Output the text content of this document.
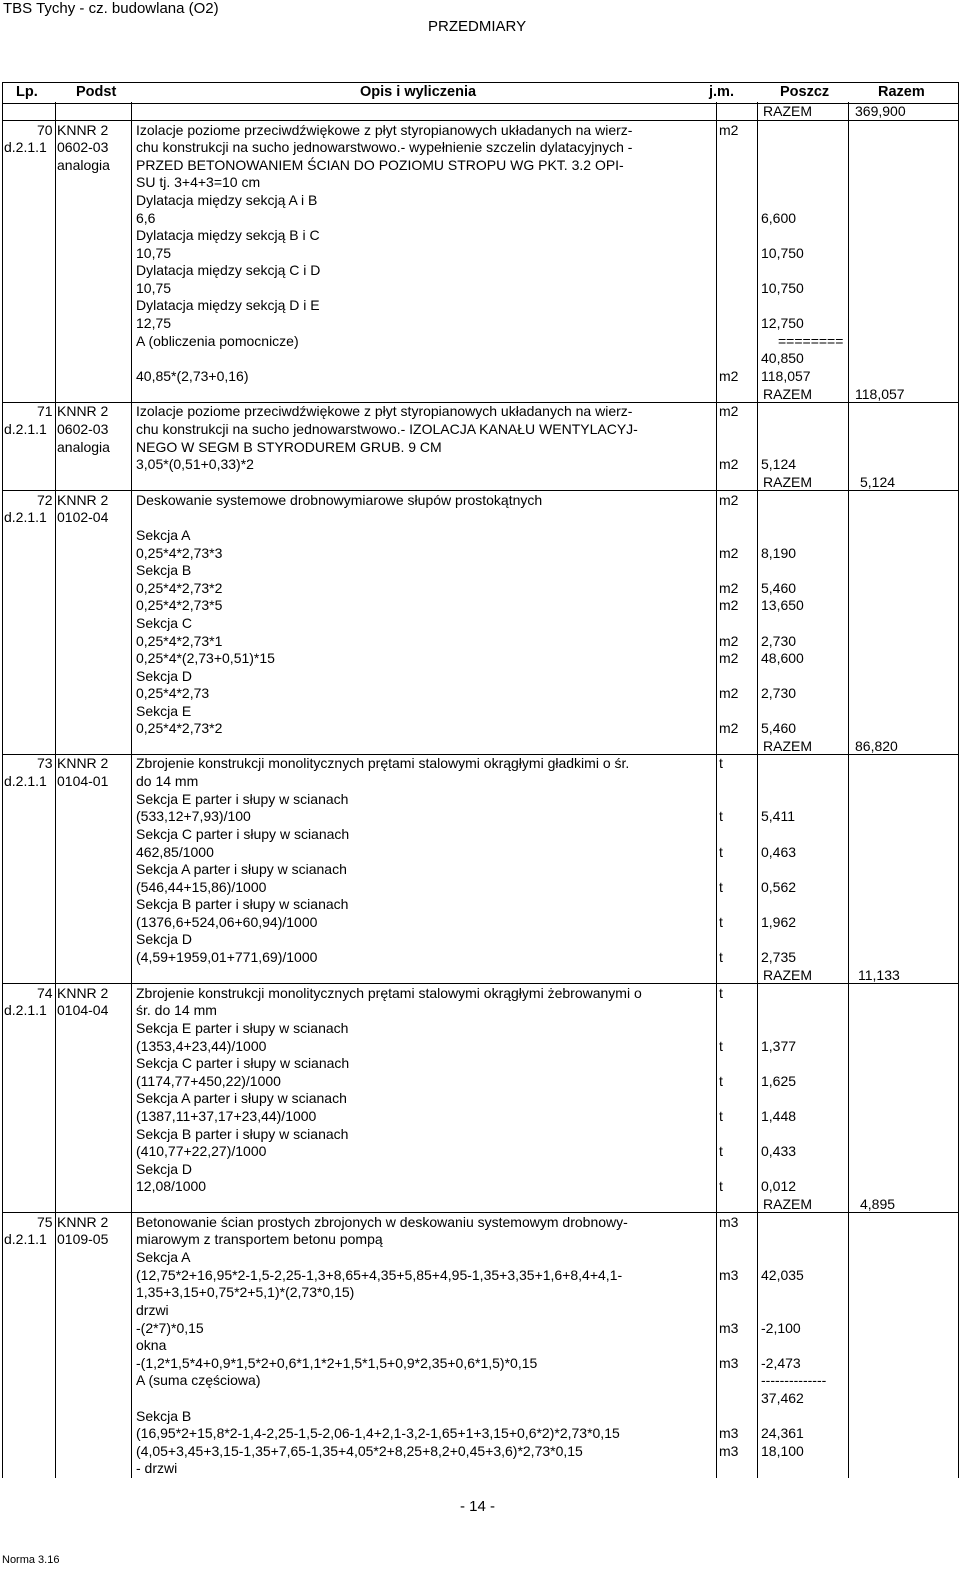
TBS Tychy - cz. budowlana (O2)
PRZEDMIARY
Lp.	Podst	Opis i wyliczenia	j.m.	Poszcz	Razem
RAZEM	369,900
70 KNNR 2
d.2.1.1 0602-03
analogia
Izolacje poziome przeciwdźwiękowe z płyt styropianowych układanych na wierz-
chu konstrukcji na sucho jednowarstwowo.- wypełnienie szczelin dylatacyjnych -
PRZED BETONOWANIEM ŚCIAN DO POZIOMU STROPU WG PKT. 3.2 OPI-
SU tj. 3+4+3=10 cm
m2
Dylatacja między sekcją A i B
6,6	6,600
Dylatacja między sekcją B i C
10,75	10,750
Dylatacja między sekcją C i D
10,75	10,750
Dylatacja między sekcją D i E
12,75	12,750
A (obliczenia pomocnicze)	========
40,850
40,85*(2,73+0,16)	m2 118,057
RAZEM	118,057
71 KNNR 2
d.2.1.1 0602-03
analogia
Izolacje poziome przeciwdźwiękowe z płyt styropianowych układanych na wierz-
chu konstrukcji na sucho jednowarstwowo.- IZOLACJA KANAŁU WENTYLACYJ-
NEGO W SEGM B STYRODUREM GRUB. 9 CM
m2
3,05*(0,51+0,33)*2	m2 5,124
RAZEM	5,124
72 KNNR 2
d.2.1.1 0102-04
Deskowanie systemowe drobnowymiarowe słupów prostokątnych	m2
Sekcja A
0,25*4*2,73*3	m2 8,190
Sekcja B
0,25*4*2,73*2	m2 5,460
0,25*4*2,73*5	m2 13,650
Sekcja C
0,25*4*2,73*1	m2 2,730
0,25*4*(2,73+0,51)*15	m2 48,600
Sekcja D
0,25*4*2,73	m2 2,730
Sekcja E
0,25*4*2,73*2	m2 5,460
RAZEM	86,820
73 KNNR 2
d.2.1.1 0104-01
Zbrojenie konstrukcji monolitycznych prętami stalowymi okrągłymi gładkimi o śr.
do 14 mm
t
Sekcja E parter i słupy w scianach
(533,12+7,93)/100	t	5,411
Sekcja C parter i słupy w scianach
462,85/1000	t	0,463
Sekcja A parter i słupy w scianach
(546,44+15,86)/1000	t	0,562
Sekcja B parter i słupy w scianach
(1376,6+524,06+60,94)/1000	t	1,962
Sekcja D
(4,59+1959,01+771,69)/1000	t	2,735
RAZEM	11,133
74 KNNR 2
d.2.1.1 0104-04
Zbrojenie konstrukcji monolitycznych prętami stalowymi okrągłymi żebrowanymi o
śr. do 14 mm
t
Sekcja E parter i słupy w scianach
(1353,4+23,44)/1000	t	1,377
Sekcja C parter i słupy w scianach
(1174,77+450,22)/1000	t	1,625
Sekcja A parter i słupy w scianach
(1387,11+37,17+23,44)/1000	t	1,448
Sekcja B parter i słupy w scianach
(410,77+22,27)/1000	t	0,433
Sekcja D
12,08/1000	t	0,012
RAZEM	4,895
75 KNNR 2
d.2.1.1 0109-05
Betonowanie ścian prostych zbrojonych w deskowaniu systemowym drobnowy-
miarowym z transportem betonu pompą
m3
Sekcja A
(12,75*2+16,95*2-1,5-2,25-1,3+8,65+4,35+5,85+4,95-1,35+3,35+1,6+8,4+4,1-	m3 42,035
1,35+3,15+0,75*2+5,1)*(2,73*0,15)
drzwi
-(2*7)*0,15	m3 -2,100
okna
-(1,2*1,5*4+0,9*1,5*2+0,6*1,1*2+1,5*1,5+0,9*2,35+0,6*1,5)*0,15	m3 -2,473
A (suma częściowa)	--------------
37,462
Sekcja B
(16,95*2+15,8*2-1,4-2,25-1,5-2,06-1,4+2,1-3,2-1,65+1+3,15+0,6*2)*2,73*0,15	m3 24,361
(4,05+3,45+3,15-1,35+7,65-1,35+4,05*2+8,25+8,2+0,45+3,6)*2,73*0,15	m3 18,100
- drzwi
- 14 -
Norma 3.16
